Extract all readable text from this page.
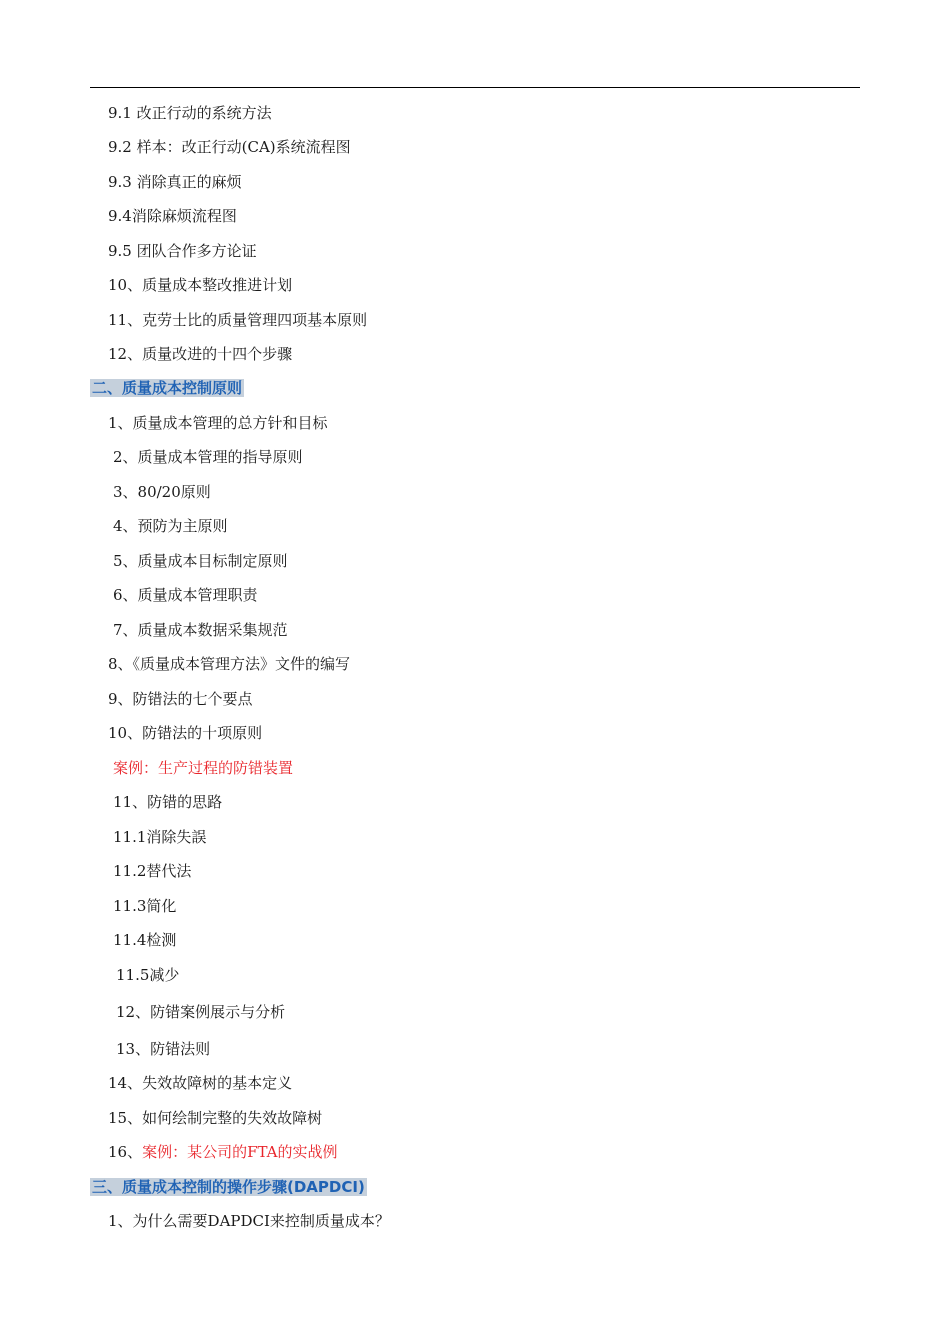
9.1 改正行动的系统方法
9.2 样本：改正行动(CA)系统流程图
9.3 消除真正的麻烦
9.4消除麻烦流程图
9.5 团队合作多方论证
10、质量成本整改推进计划
11、克劳士比的质量管理四项基本原则
12、质量改进的十四个步骤
二、质量成本控制原则
1、质量成本管理的总方针和目标
2、质量成本管理的指导原则
3、80/20原则
4、预防为主原则
5、质量成本目标制定原则
6、质量成本管理职责
7、质量成本数据采集规范
8、《质量成本管理方法》文件的编写
9、防错法的七个要点
10、防错法的十项原则
案例：生产过程的防错装置
11、防错的思路
11.1消除失誤
11.2替代法
11.3简化
11.4检测
11.5减少
12、防错案例展示与分析
13、防错法则
14、失效故障树的基本定义
15、如何绘制完整的失效故障树
16、案例：某公司的FTA的实战例
三、质量成本控制的操作步骤(DAPDCI)
1、为什么需要DAPDCI来控制质量成本？
